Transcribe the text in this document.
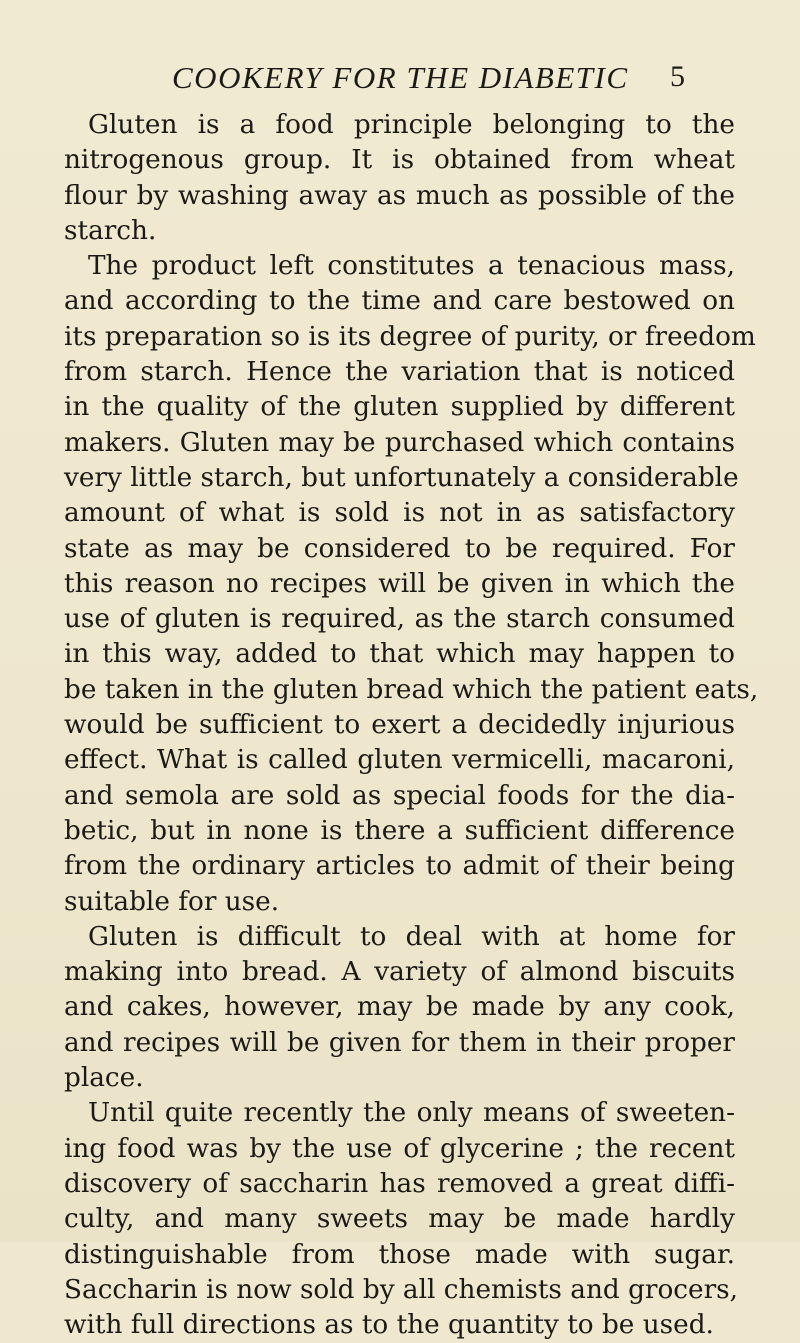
COOKERY FOR THE DIABETIC 5
Gluten is a food principle belonging to the
nitrogenous group. It is obtained from wheat
flour by washing away as much as possible of the
starch.
The product left constitutes a tenacious mass,
and according to the time and care bestowed on
its preparation so is its degree of purity, or freedom
from starch. Hence the variation that is noticed
in the quality of the gluten supplied by different
makers. Gluten may be purchased which contains
very little starch, but unfortunately a considerable
amount of what is sold is not in as satisfactory
state as may be considered to be required. For
this reason no recipes will be given in which the
use of gluten is required, as the starch consumed
in this way, added to that which may happen to
be taken in the gluten bread which the patient eats,
would be sufficient to exert a decidedly injurious
effect. What is called gluten vermicelli, macaroni,
and semola are sold as special foods for the dia-
betic, but in none is there a sufficient difference
from the ordinary articles to admit of their being
suitable for use.
Gluten is difficult to deal with at home for
making into bread. A variety of almond biscuits
and cakes, however, may be made by any cook,
and recipes will be given for them in their proper
place.
Until quite recently the only means of sweeten-
ing food was by the use of glycerine ; the recent
discovery of saccharin has removed a great diffi-
culty, and many sweets may be made hardly
distinguishable from those made with sugar.
Saccharin is now sold by all chemists and grocers,
with full directions as to the quantity to be used.
